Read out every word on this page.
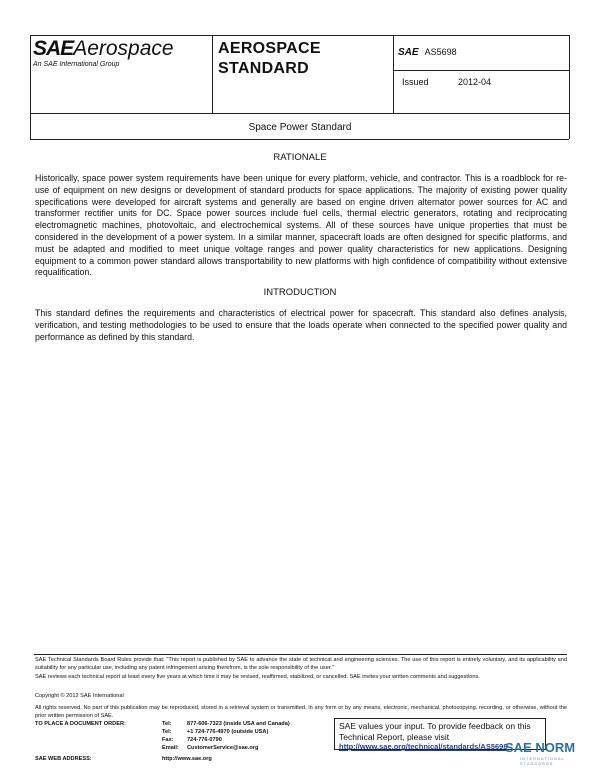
SAEAerospace
An SAE International Group
AEROSPACE
STANDARD
SAE AS5698
Issued	2012-04
Space Power Standard
RATIONALE
Historically, space power system requirements have been unique for every platform, vehicle, and contractor. This is a roadblock for re-use of equipment on new designs or development of standard products for space applications. The majority of existing power quality specifications were developed for aircraft systems and generally are based on engine driven alternator power sources for AC and transformer rectifier units for DC. Space power sources include fuel cells, thermal electric generators, rotating and reciprocating electromagnetic machines, photovoltaic, and electrochemical systems. All of these sources have unique properties that must be considered in the development of a power system. In a similar manner, spacecraft loads are often designed for specific platforms, and must be adapted and modified to meet unique voltage ranges and power quality characteristics for new applications. Designing equipment to a common power standard allows transportability to new platforms with high confidence of compatibility without extensive requalification.
INTRODUCTION
This standard defines the requirements and characteristics of electrical power for spacecraft. This standard also defines analysis, verification, and testing methodologies to be used to ensure that the loads operate when connected to the specified power quality and performance as defined by this standard.
SAE Technical Standards Board Rules provide that: "This report is published by SAE to advance the state of technical and engineering sciences. The use of this report is entirely voluntary, and its applicability and suitability for any particular use, including any patent infringement arising therefrom, is the sole responsibility of the user."
SAE reviews each technical report at least every five years at which time it may be revised, reaffirmed, stabilized, or cancelled. SAE invites your written comments and suggestions.
Copyright © 2012 SAE International
All rights reserved. No part of this publication may be reproduced, stored in a retrieval system or transmitted, in any form or by any means, electronic, mechanical, photocopying, recording, or otherwise, without the prior written permission of SAE.
TO PLACE A DOCUMENT ORDER:	Tel:	877-606-7323 (inside USA and Canada)
Tel:	+1 724-776-4970 (outside USA)
Fax: 724-776-0790
Email: CustomerService@sae.org
SAE WEB ADDRESS:	http://www.sae.org
SAE values your input. To provide feedback on this Technical Report, please visit
http://www.sae.org/technical/standards/AS5698
SAE NORM
INTERNATIONAL STANDARDS
